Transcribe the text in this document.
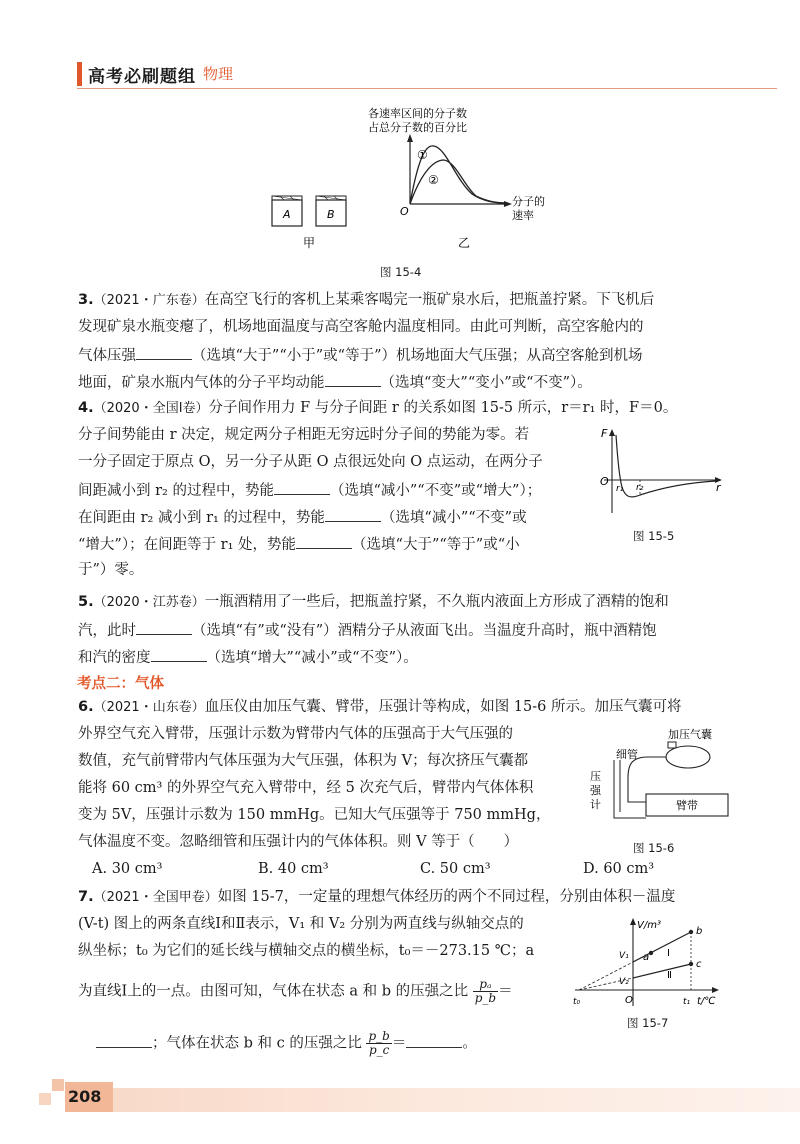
高考必刷题组 物理
A	B
甲
各速率区间的分子数
占总分子数的百分比
①
②
O
分子的
速率
乙
图 15-4
3.（2021・广东卷）在高空飞行的客机上某乘客喝完一瓶矿泉水后，把瓶盖拧紧。下飞机后
发现矿泉水瓶变瘪了，机场地面温度与高空客舱内温度相同。由此可判断，高空客舱内的
气体压强	（选填“大于”“小于”或“等于”）机场地面大气压强；从高空客舱到机场
地面，矿泉水瓶内气体的分子平均动能	（选填“变大”“变小”或“不变”）。
4.（2020・全国Ⅰ卷）分子间作用力 F 与分子间距 r 的关系如图 15-5 所示，r＝r₁ 时，F＝0。
分子间势能由 r 决定，规定两分子相距无穷远时分子间的势能为零。若
一分子固定于原点 O，另一分子从距 O 点很远处向 O 点运动，在两分子
间距减小到 r₂ 的过程中，势能	（选填“减小”“不变”或“增大”）；
在间距由 r₂ 减小到 r₁ 的过程中，势能	（选填“减小”“不变”或
“增大”）；在间距等于 r₁ 处，势能	（选填“大于”“等于”或“小
于”）零。
F
O
r₁ r₂	r
图 15-5
5.（2020・江苏卷）一瓶酒精用了一些后，把瓶盖拧紧，不久瓶内液面上方形成了酒精的饱和
汽，此时	（选填“有”或“没有”）酒精分子从液面飞出。当温度升高时，瓶中酒精饱
和汽的密度	（选填“增大”“减小”或“不变”）。
考点二：气体
6.（2021・山东卷）血压仪由加压气囊、臂带，压强计等构成，如图 15-6 所示。加压气囊可将
外界空气充入臂带，压强计示数为臂带内气体的压强高于大气压强的
数值，充气前臂带内气体压强为大气压强，体积为 V；每次挤压气囊都
能将 60 cm³ 的外界空气充入臂带中，经 5 次充气后，臂带内气体体积
变为 5V，压强计示数为 150 mmHg。已知大气压强等于 750 mmHg，
气体温度不变。忽略细管和压强计内的气体体积。则 V 等于（　　）
A. 30 cm³	B. 40 cm³	C. 50 cm³	D. 60 cm³
加压气囊
细管
臂带
压
强
计
图 15-6
7.（2021・全国甲卷）如图 15-7，一定量的理想气体经历的两个不同过程，分别由体积－温度
(V-t) 图上的两条直线Ⅰ和Ⅱ表示，V₁ 和 V₂ 分别为两直线与纵轴交点的
纵坐标；t₀ 为它们的延长线与横轴交点的横坐标，t₀＝－273.15 ℃；a
为直线Ⅰ上的一点。由图可知，气体在状态 a 和 b 的压强之比 $\frac{\text{pₐ}}{p\_b}$ ＝
；气体在状态 b 和 c 的压强之比 $\frac{p\_b}{p\_c}$ ＝	。
V/m³
b
a
c
Ⅰ
Ⅱ
V₁
V₂
t₀	O	t₁ t/℃
图 15-7
208
